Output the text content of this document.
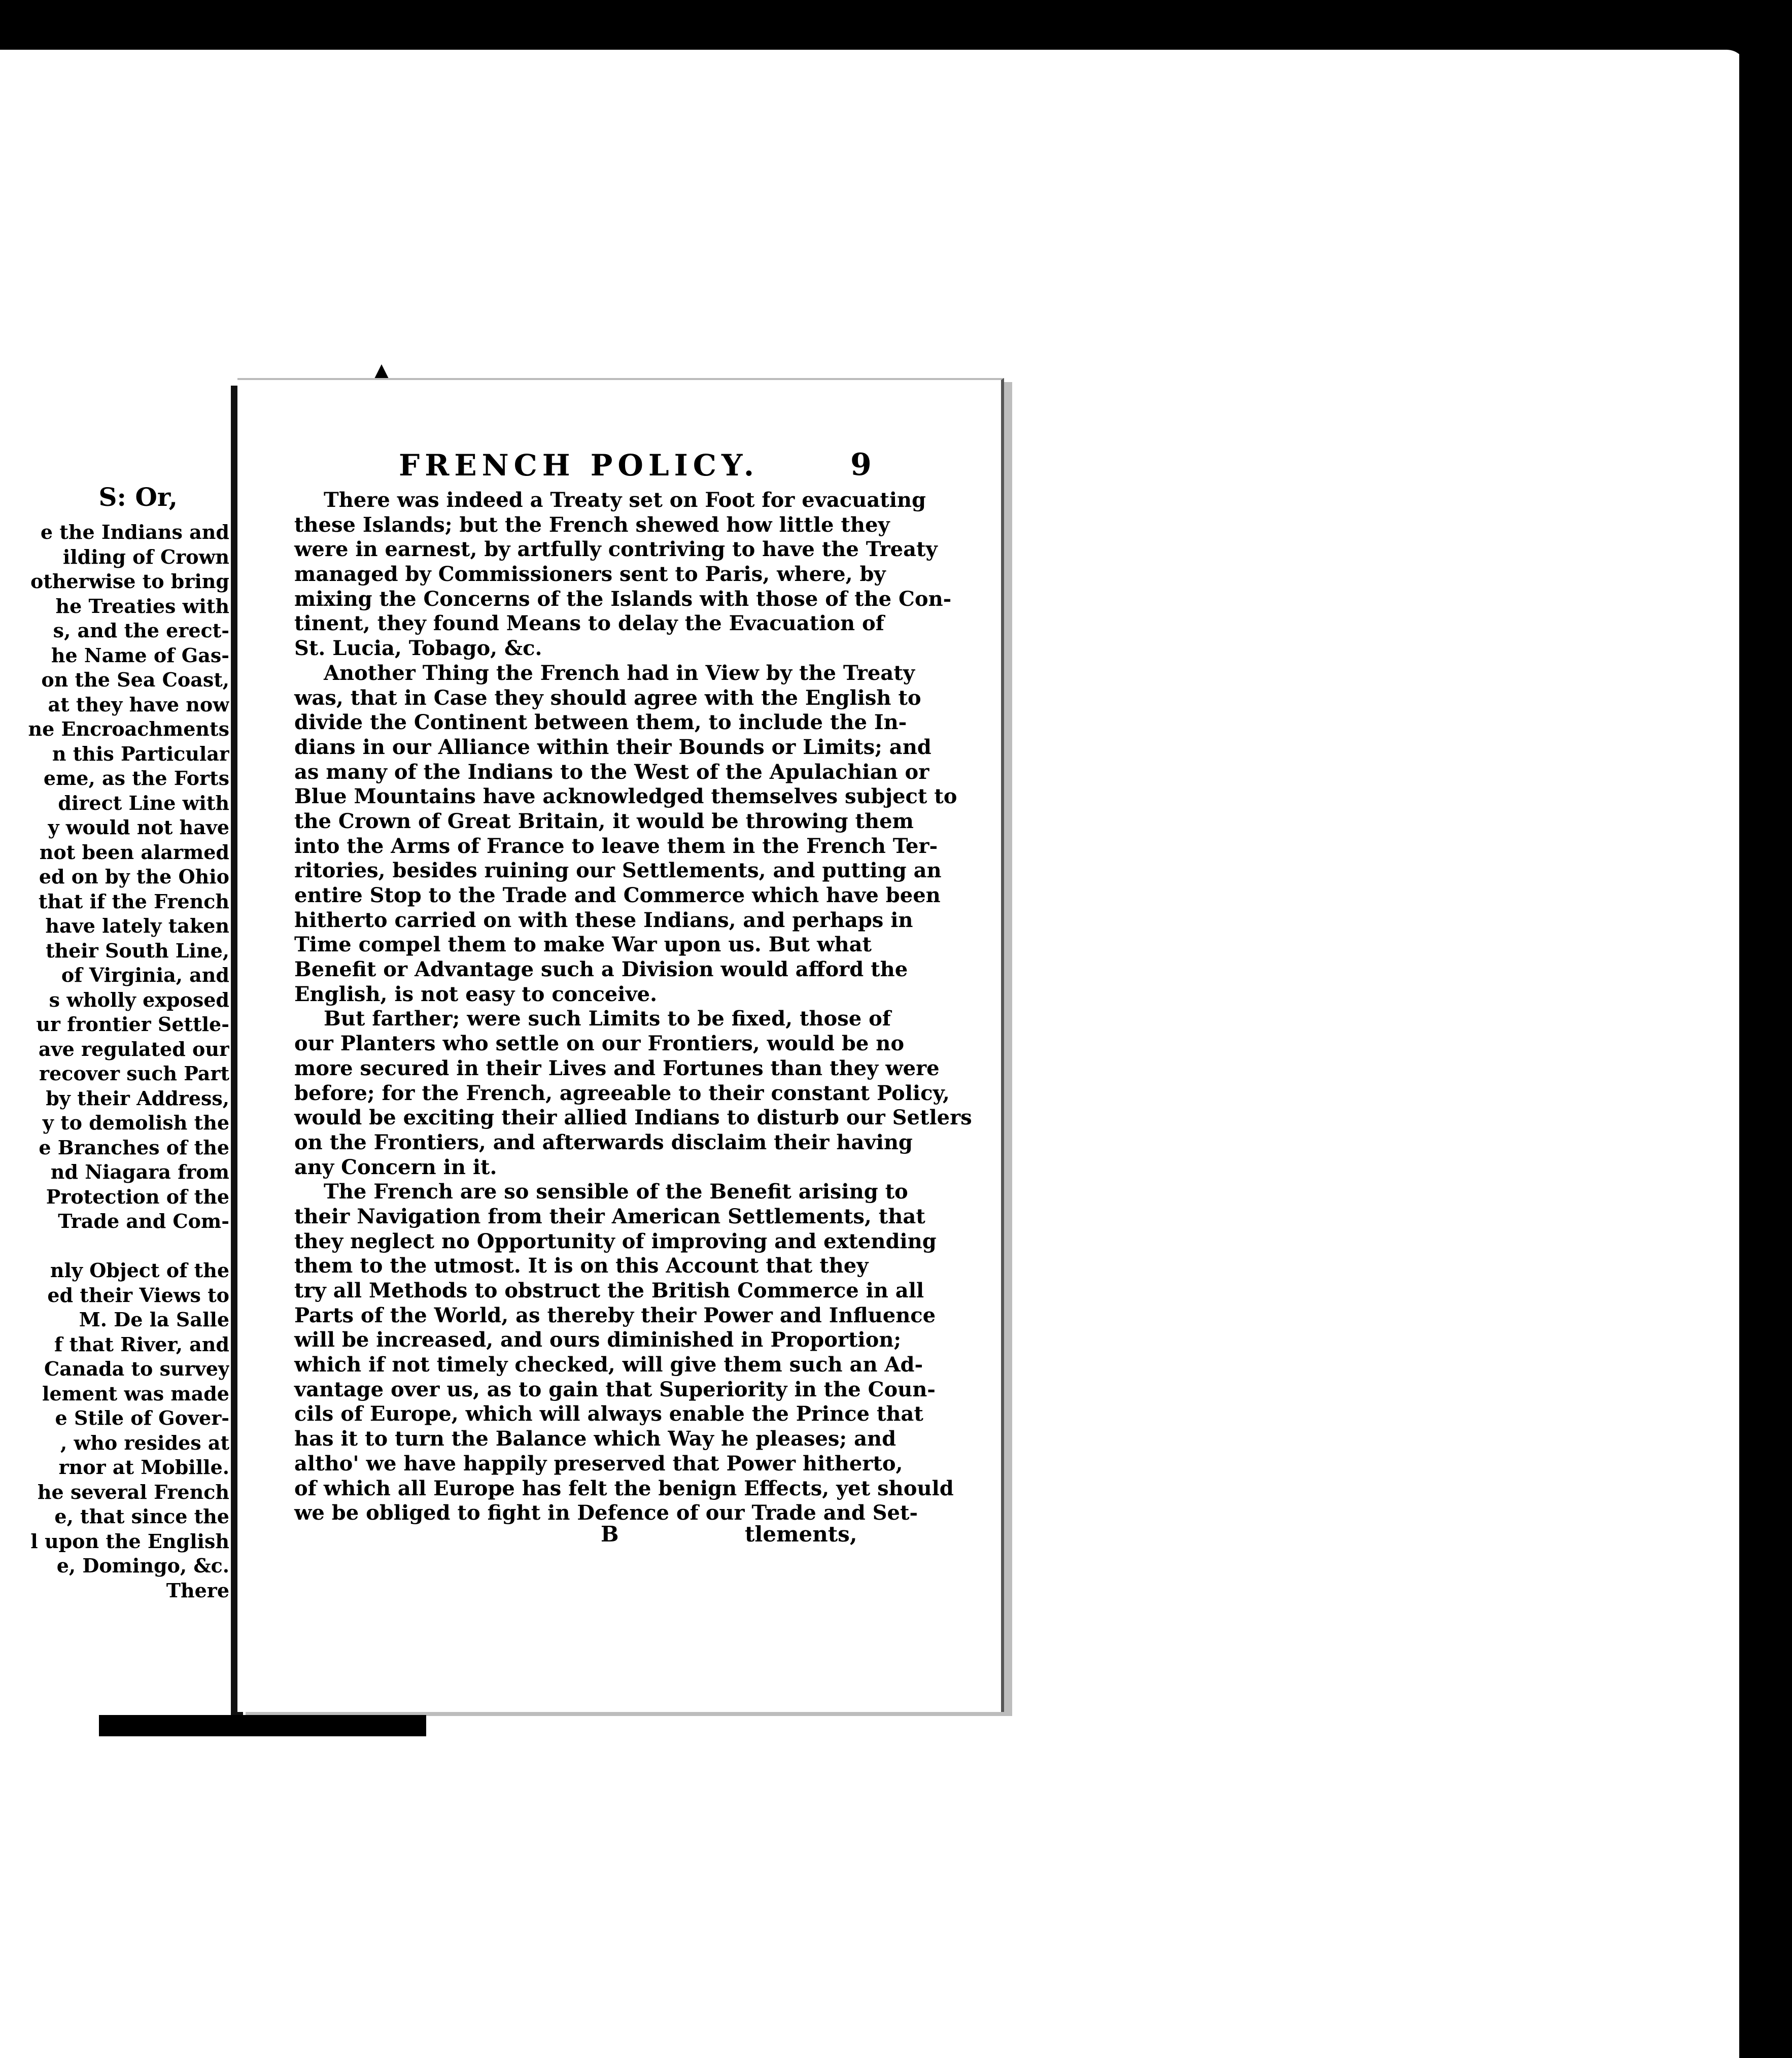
S: Or,
e the Indians and
ilding of Crown
otherwise to bring
he Treaties with
s, and the erect-
he Name of Gas-
on the Sea Coast,
at they have now
ne Encroachments
n this Particular
eme, as the Forts
direct Line with
y would not have
not been alarmed
ed on by the Ohio
that if the French
have lately taken
their South Line,
of Virginia, and
s wholly exposed
ur frontier Settle-
ave regulated our
recover such Part
by their Address,
y to demolish the
e Branches of the
nd Niagara from
Protection of the
Trade and Com-
nly Object of the
ed their Views to
M. De la Salle
f that River, and
Canada to survey
lement was made
e Stile of Gover-
, who resides at
rnor at Mobille.
he several French
e, that since the
l upon the English
e, Domingo, &c.
There
FRENCH POLICY.	9
There was indeed a Treaty set on Foot for evacuating
these Islands; but the French shewed how little they
were in earnest, by artfully contriving to have the Treaty
managed by Commissioners sent to Paris, where, by
mixing the Concerns of the Islands with those of the Con-
tinent, they found Means to delay the Evacuation of
St. Lucia, Tobago, &c.
Another Thing the French had in View by the Treaty
was, that in Case they should agree with the English to
divide the Continent between them, to include the In-
dians in our Alliance within their Bounds or Limits; and
as many of the Indians to the West of the Apulachian or
Blue Mountains have acknowledged themselves subject to
the Crown of Great Britain, it would be throwing them
into the Arms of France to leave them in the French Ter-
ritories, besides ruining our Settlements, and putting an
entire Stop to the Trade and Commerce which have been
hitherto carried on with these Indians, and perhaps in
Time compel them to make War upon us. But what
Benefit or Advantage such a Division would afford the
English, is not easy to conceive.
But farther; were such Limits to be fixed, those of
our Planters who settle on our Frontiers, would be no
more secured in their Lives and Fortunes than they were
before; for the French, agreeable to their constant Policy,
would be exciting their allied Indians to disturb our Setlers
on the Frontiers, and afterwards disclaim their having
any Concern in it.
The French are so sensible of the Benefit arising to
their Navigation from their American Settlements, that
they neglect no Opportunity of improving and extending
them to the utmost. It is on this Account that they
try all Methods to obstruct the British Commerce in all
Parts of the World, as thereby their Power and Influence
will be increased, and ours diminished in Proportion;
which if not timely checked, will give them such an Ad-
vantage over us, as to gain that Superiority in the Coun-
cils of Europe, which will always enable the Prince that
has it to turn the Balance which Way he pleases; and
altho' we have happily preserved that Power hitherto,
of which all Europe has felt the benign Effects, yet should
we be obliged to fight in Defence of our Trade and Set-
B	tlements,
